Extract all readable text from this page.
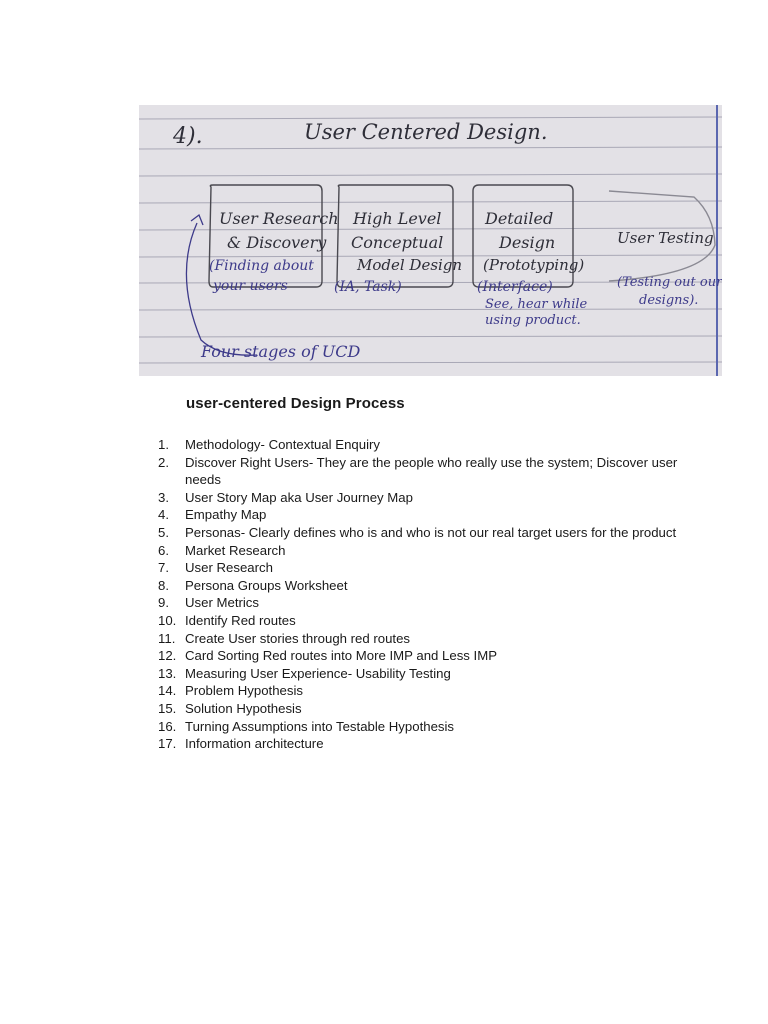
4).	User Centered Design.
User Research
& Discovery
(Finding about
your users
High Level
Conceptual
Model Design
(IA, Task)
Detailed
Design
(Prototyping)
(Interface)
See, hear while
using product.
User Testing
(Testing out our
designs).
Four stages of UCD
user-centered Design Process
1.	Methodology- Contextual Enquiry
2.	Discover Right Users- They are the people who really use the system; Discover user needs
3.	User Story Map aka User Journey Map
4.	Empathy Map
5.	Personas- Clearly defines who is and who is not our real target users for the product
6.	Market Research
7.	User Research
8.	Persona Groups Worksheet
9.	User Metrics
10. Identify Red routes
11. Create User stories through red routes
12. Card Sorting Red routes into More IMP and Less IMP
13. Measuring User Experience- Usability Testing
14. Problem Hypothesis
15. Solution Hypothesis
16. Turning Assumptions into Testable Hypothesis
17. Information architecture
